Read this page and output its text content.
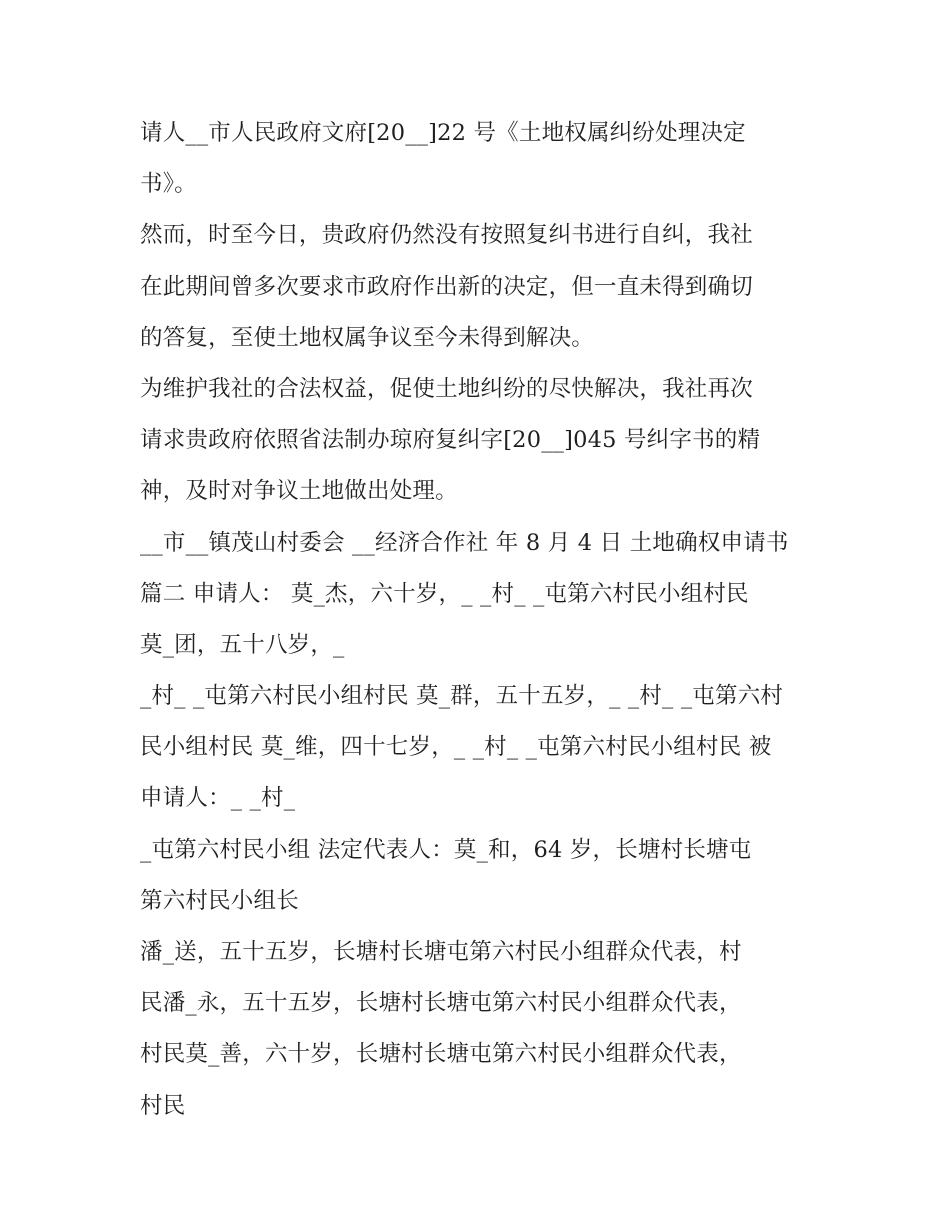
请人__市人民政府文府[20__]22 号《土地权属纠纷处理决定
书》。
然而，时至今日，贵政府仍然没有按照复纠书进行自纠，我社
在此期间曾多次要求市政府作出新的决定，但一直未得到确切
的答复，至使土地权属争议至今未得到解决。
为维护我社的合法权益，促使土地纠纷的尽快解决，我社再次
请求贵政府依照省法制办琼府复纠字[20__]045 号纠字书的精
神，及时对争议土地做出处理。
__市__镇茂山村委会 __经济合作社 年 8 月 4 日 土地确权申请书
篇二 申请人： 莫_杰，六十岁，_ _村_ _屯第六村民小组村民
莫_团，五十八岁，_
_村_ _屯第六村民小组村民 莫_群，五十五岁，_ _村_ _屯第六村
民小组村民 莫_维，四十七岁，_ _村_ _屯第六村民小组村民 被
申请人：_ _村_
_屯第六村民小组 法定代表人：莫_和，64 岁，长塘村长塘屯
第六村民小组长
潘_送，五十五岁，长塘村长塘屯第六村民小组群众代表，村
民潘_永，五十五岁，长塘村长塘屯第六村民小组群众代表，
村民莫_善，六十岁，长塘村长塘屯第六村民小组群众代表，
村民
